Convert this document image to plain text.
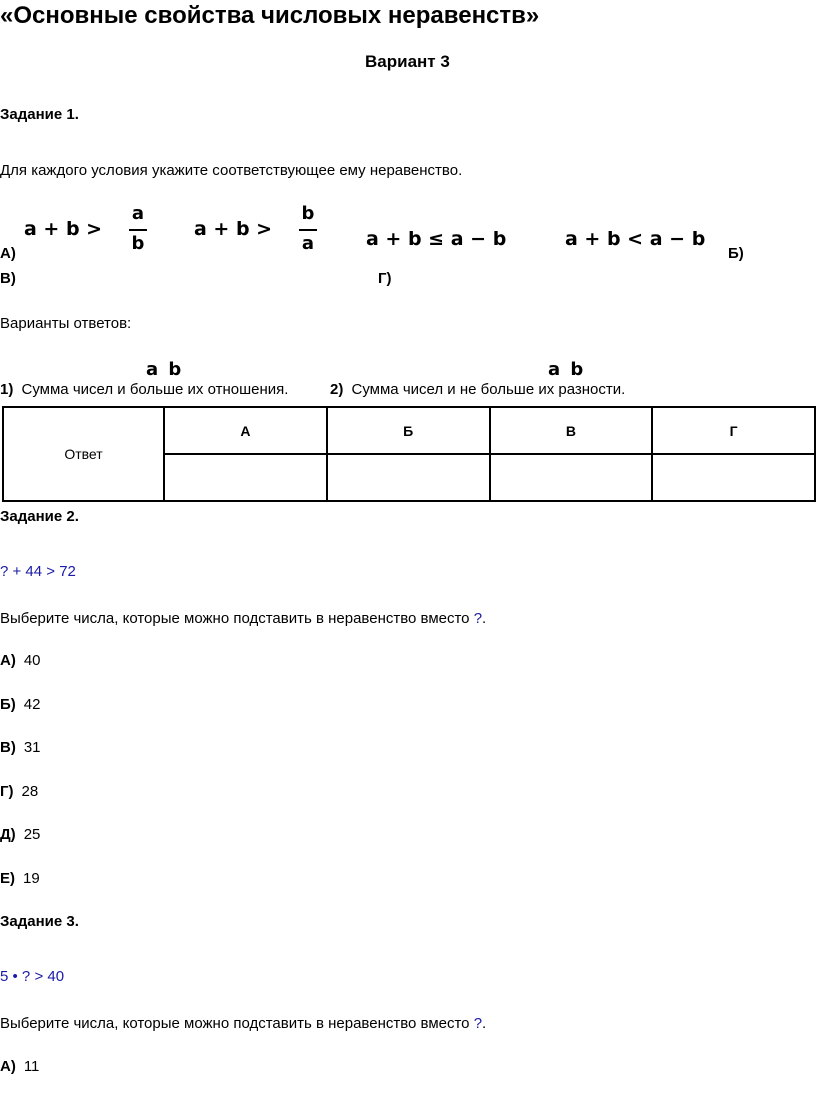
«Основные свойства числовых неравенств»
Вариант 3
Задание 1.
Для каждого условия укажите соответствующее ему неравенство.
a + b >
a
b
a + b >
b
a	a + b ≤ a − b	a + b < a − b
А)	Б)
В)	Г)
Варианты ответов:
a b	a b
1) Сумма чисел и больше их отношения.	2) Сумма чисел и не больше их разности.
Ответ	А	Б	В	Г

Задание 2.
? + 44 > 72
Выберите числа, которые можно подставить в неравенство вместо ?.
А) 40
Б) 42
В) 31
Г) 28
Д) 25
Е) 19
Задание 3.
5 • ? > 40
Выберите числа, которые можно подставить в неравенство вместо ?.
А) 11
